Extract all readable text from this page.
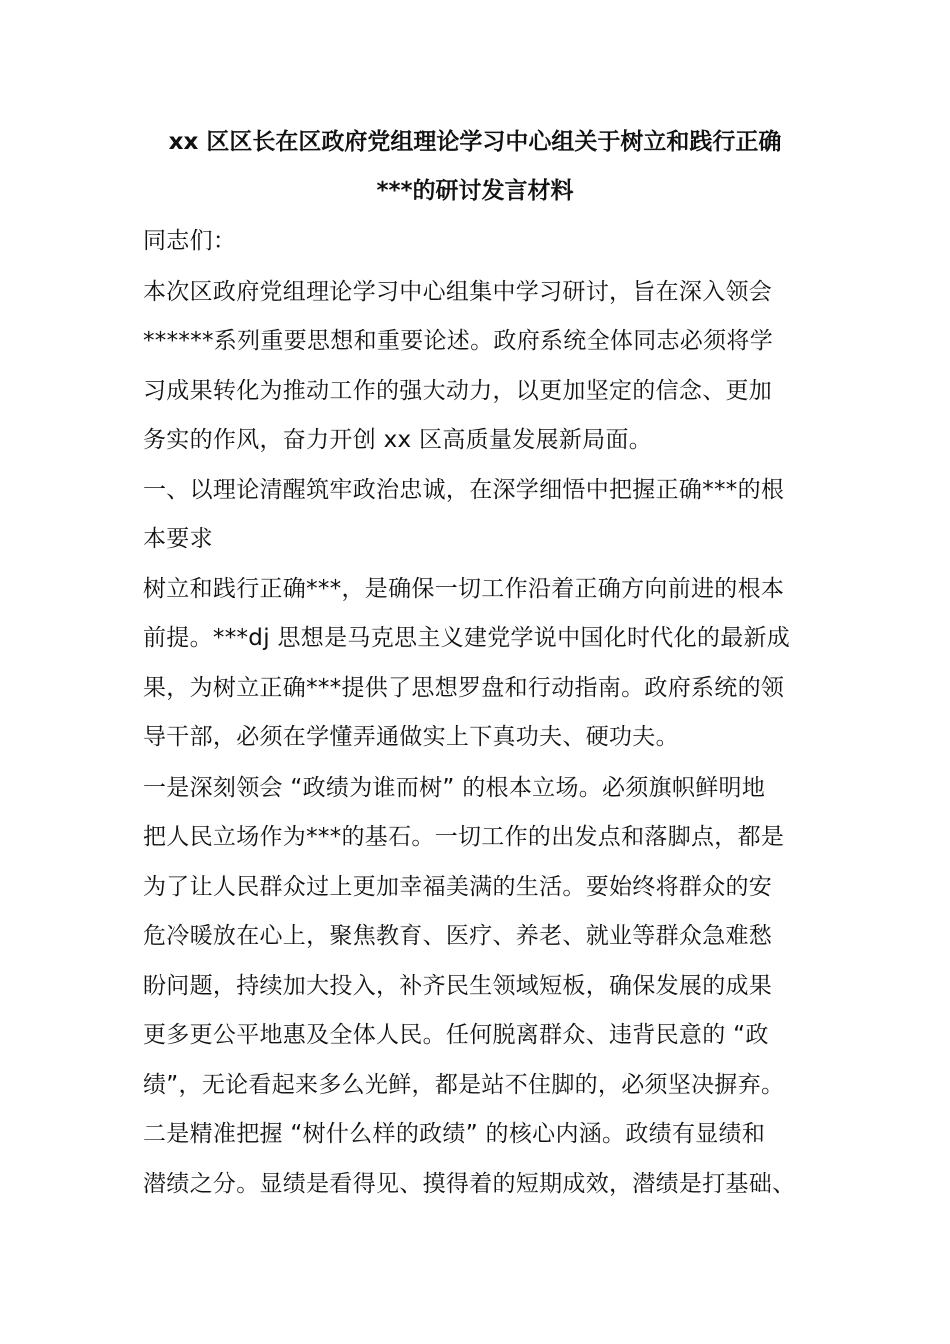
xx 区区长在区政府党组理论学习中心组关于树立和践行正确
***的研讨发言材料
同志们：
本次区政府党组理论学习中心组集中学习研讨，旨在深入领会
******系列重要思想和重要论述。政府系统全体同志必须将学
习成果转化为推动工作的强大动力，以更加坚定的信念、更加
务实的作风，奋力开创 xx 区高质量发展新局面。
一、以理论清醒筑牢政治忠诚，在深学细悟中把握正确***的根
本要求
树立和践行正确***，是确保一切工作沿着正确方向前进的根本
前提。***dj 思想是马克思主义建党学说中国化时代化的最新成
果，为树立正确***提供了思想罗盘和行动指南。政府系统的领
导干部，必须在学懂弄通做实上下真功夫、硬功夫。
一是深刻领会 “政绩为谁而树” 的根本立场。必须旗帜鲜明地
把人民立场作为***的基石。一切工作的出发点和落脚点，都是
为了让人民群众过上更加幸福美满的生活。要始终将群众的安
危冷暖放在心上，聚焦教育、医疗、养老、就业等群众急难愁
盼问题，持续加大投入，补齐民生领域短板，确保发展的成果
更多更公平地惠及全体人民。任何脱离群众、违背民意的 “政
绩”，无论看起来多么光鲜，都是站不住脚的，必须坚决摒弃。
二是精准把握 “树什么样的政绩” 的核心内涵。政绩有显绩和
潜绩之分。显绩是看得见、摸得着的短期成效，潜绩是打基础、
